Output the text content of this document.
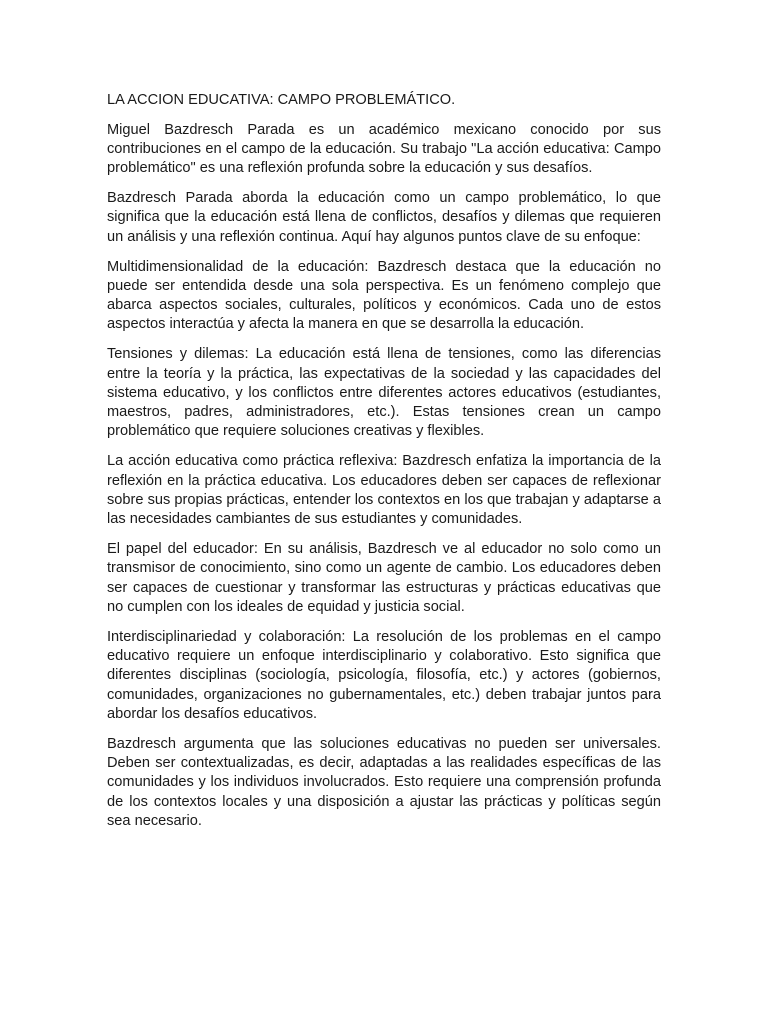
LA ACCION EDUCATIVA: CAMPO PROBLEMÁTICO.

Miguel Bazdresch Parada es un académico mexicano conocido por sus contribuciones en el campo de la educación. Su trabajo "La acción educativa: Campo problemático" es una reflexión profunda sobre la educación y sus desafíos.

Bazdresch Parada aborda la educación como un campo problemático, lo que significa que la educación está llena de conflictos, desafíos y dilemas que requieren un análisis y una reflexión continua. Aquí hay algunos puntos clave de su enfoque:

Multidimensionalidad de la educación: Bazdresch destaca que la educación no puede ser entendida desde una sola perspectiva. Es un fenómeno complejo que abarca aspectos sociales, culturales, políticos y económicos. Cada uno de estos aspectos interactúa y afecta la manera en que se desarrolla la educación.

Tensiones y dilemas: La educación está llena de tensiones, como las diferencias entre la teoría y la práctica, las expectativas de la sociedad y las capacidades del sistema educativo, y los conflictos entre diferentes actores educativos (estudiantes, maestros, padres, administradores, etc.). Estas tensiones crean un campo problemático que requiere soluciones creativas y flexibles.

La acción educativa como práctica reflexiva: Bazdresch enfatiza la importancia de la reflexión en la práctica educativa. Los educadores deben ser capaces de reflexionar sobre sus propias prácticas, entender los contextos en los que trabajan y adaptarse a las necesidades cambiantes de sus estudiantes y comunidades.

El papel del educador: En su análisis, Bazdresch ve al educador no solo como un transmisor de conocimiento, sino como un agente de cambio. Los educadores deben ser capaces de cuestionar y transformar las estructuras y prácticas educativas que no cumplen con los ideales de equidad y justicia social.

Interdisciplinariedad y colaboración: La resolución de los problemas en el campo educativo requiere un enfoque interdisciplinario y colaborativo. Esto significa que diferentes disciplinas (sociología, psicología, filosofía, etc.) y actores (gobiernos, comunidades, organizaciones no gubernamentales, etc.) deben trabajar juntos para abordar los desafíos educativos.

Bazdresch argumenta que las soluciones educativas no pueden ser universales. Deben ser contextualizadas, es decir, adaptadas a las realidades específicas de las comunidades y los individuos involucrados. Esto requiere una comprensión profunda de los contextos locales y una disposición a ajustar las prácticas y políticas según sea necesario.
